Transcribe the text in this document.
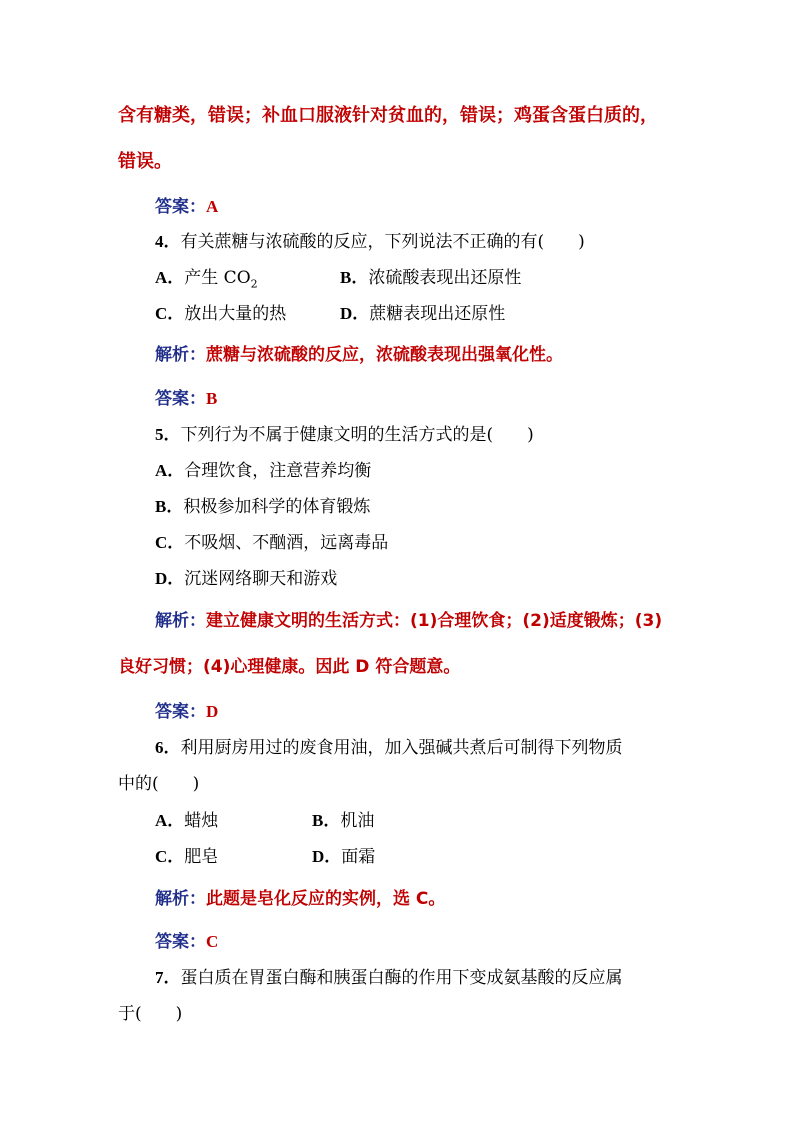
含有糖类，错误；补血口服液针对贫血的，错误；鸡蛋含蛋白质的，
错误。
答案：A
4．有关蔗糖与浓硫酸的反应，下列说法不正确的有(　　)
A．产生 $CO_2$	B．浓硫酸表现出还原性
C．放出大量的热	D．蔗糖表现出还原性
解析：蔗糖与浓硫酸的反应，浓硫酸表现出强氧化性。
答案：B
5．下列行为不属于健康文明的生活方式的是(　　)
A．合理饮食，注意营养均衡
B．积极参加科学的体育锻炼
C．不吸烟、不酗酒，远离毒品
D．沉迷网络聊天和游戏
解析：建立健康文明的生活方式：(1)合理饮食；(2)适度锻炼；(3)
良好习惯；(4)心理健康。因此 D 符合题意。
答案：D
6．利用厨房用过的废食用油，加入强碱共煮后可制得下列物质
中的(　　)
A．蜡烛	B．机油
C．肥皂	D．面霜
解析：此题是皂化反应的实例，选 C。
答案：C
7．蛋白质在胃蛋白酶和胰蛋白酶的作用下变成氨基酸的反应属
于(　　)
